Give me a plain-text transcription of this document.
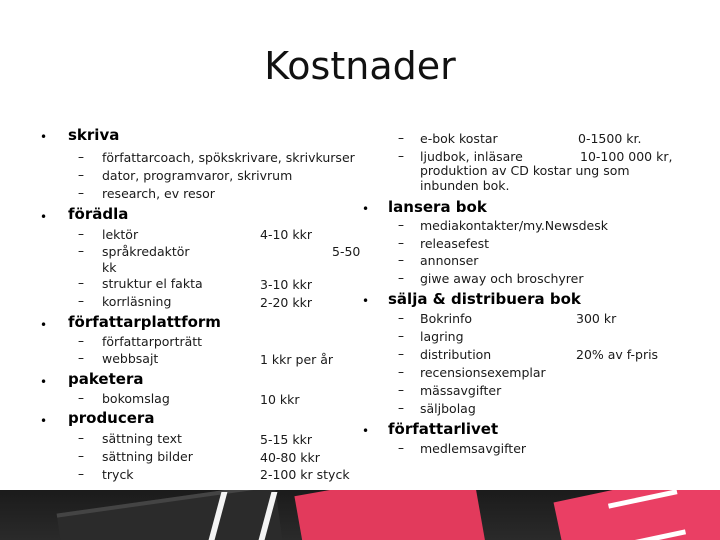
Kostnader
• skriva
– författarcoach, spökskrivare, skrivkurser
– dator, programvaror, skrivrum
– research, ev resor
• förädla
– lektör	4-10 kkr
– språkredaktör	5-50
kk
– struktur el fakta	3-10 kkr
– korrläsning	2-20 kkr
• författarplattform
– författarporträtt
– webbsajt	1 kkr per år
• paketera
– bokomslag	10 kkr
• producera
– sättning text	5-15 kkr
– sättning bilder	40-80 kkr
– tryck	2-100 kr styck
– e-bok kostar	0-1500 kr.
– ljudbok, inläsare	10-100 000 kr,
produktion av CD kostar ung som
inbunden bok.
• lansera bok
– mediakontakter/my.Newsdesk
– releasefest
– annonser
– giwe away och broschyrer
• sälja & distribuera bok
– Bokrinfo	300 kr
– lagring
– distribution	20% av f-pris
– recensionsexemplar
– mässavgifter
– säljbolag
• författarlivet
– medlemsavgifter
